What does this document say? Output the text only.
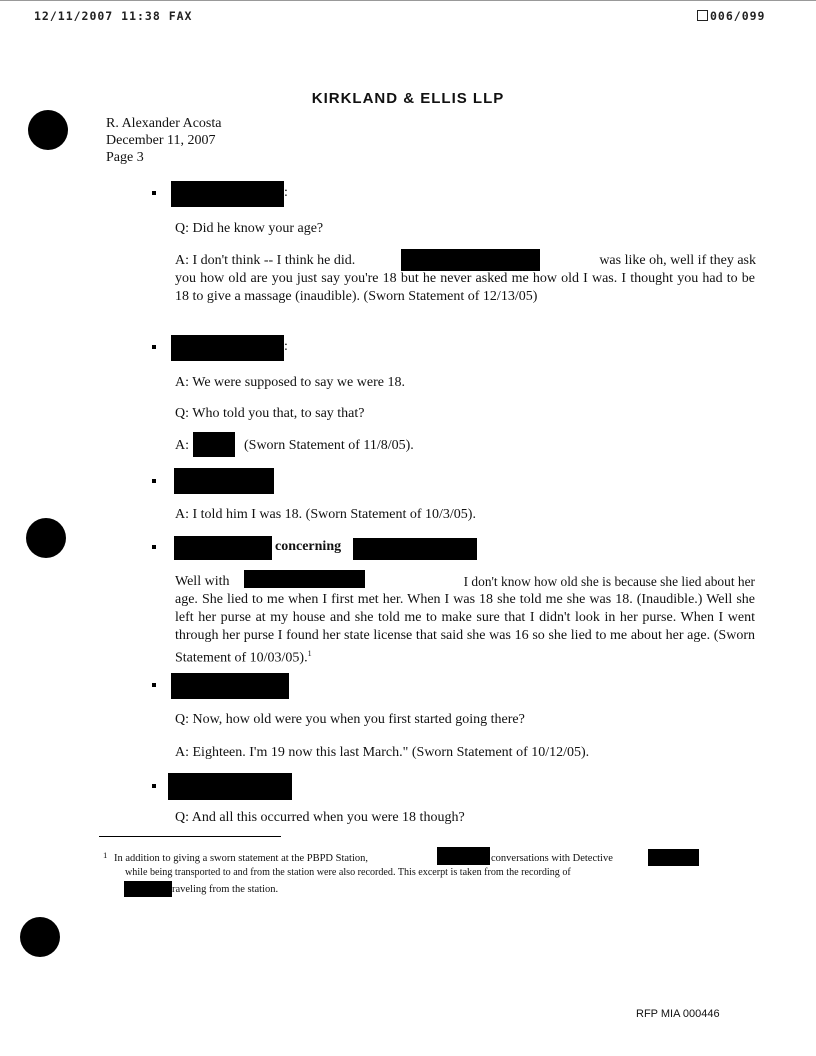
12/11/2007 11:38 FAX	006/099
KIRKLAND & ELLIS LLP
R. Alexander Acosta
December 11, 2007
Page 3
:
Q: Did he know your age?
A: I don't think -- I think he did.	was like oh, well if they ask
you how old are you just say you're 18 but he never asked me how old I was. I thought you had to be 18 to give a massage (inaudible). (Sworn Statement of 12/13/05)
:
A: We were supposed to say we were 18.
Q: Who told you that, to say that?
A:	(Sworn Statement of 11/8/05).
A: I told him I was 18. (Sworn Statement of 10/3/05).
concerning
Well with	I don't know how old she is because she lied about her
age. She lied to me when I first met her. When I was 18 she told me she was 18. (Inaudible.) Well she left her purse at my house and she told me to make sure that I didn't look in her purse. When I went through her purse I found her state license that said she was 16 so she lied to me about her age. (Sworn Statement of 10/03/05).$^1$
Q: Now, how old were you when you first started going there?
A: Eighteen. I'm 19 now this last March." (Sworn Statement of 10/12/05).
Q: And all this occurred when you were 18 though?
$^1$ In addition to giving a sworn statement at the PBPD Station,	conversations with Detective
while being transported to and from the station were also recorded. This excerpt is taken from the recording of
raveling from the station.
RFP MIA 000446
